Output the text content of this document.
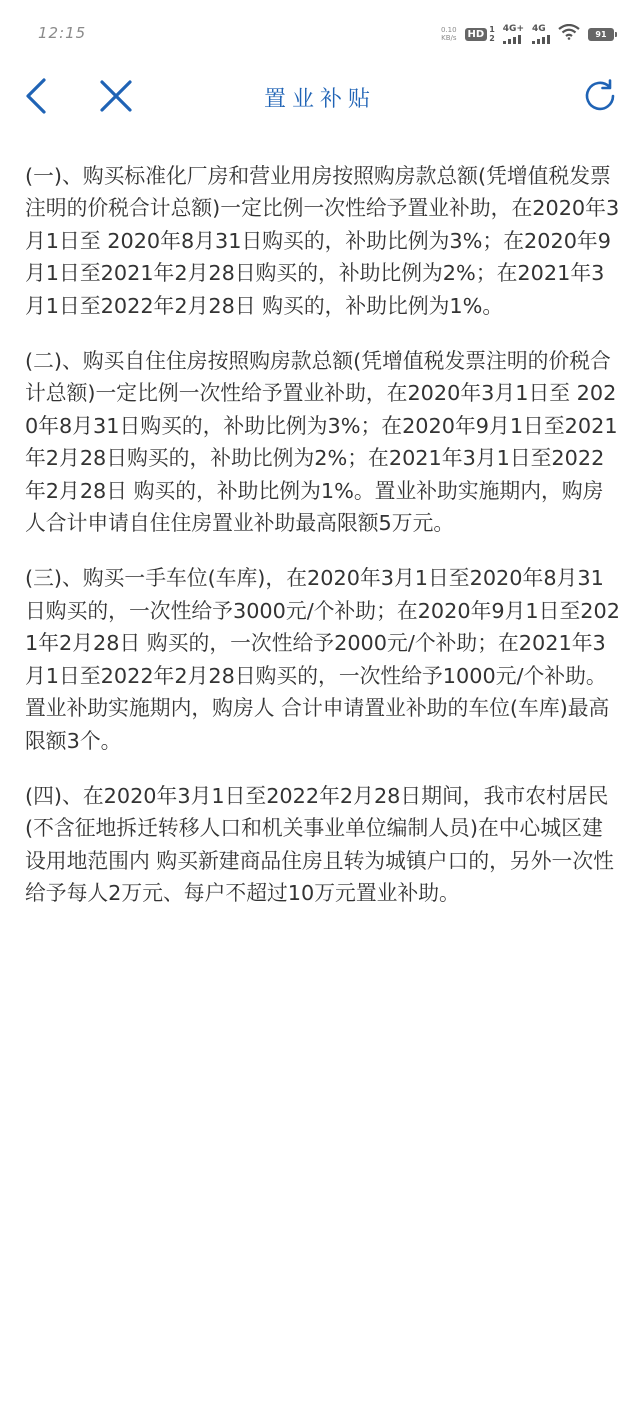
12:15	0.10
KB/s	HD 1
2
4G+ 4G
91
置业补贴

(一)、购买标准化厂房和营业用房按照购房款总额(凭增值税发票注明的价税合计总额)一定比例一次性给予置业补助，在2020年3月1日至 2020年8月31日购买的，补助比例为3%；在2020年9月1日至2021年2月28日购买的，补助比例为2%；在2021年3月1日至2022年2月28日 购买的，补助比例为1%。

(二)、购买自住住房按照购房款总额(凭增值税发票注明的价税合计总额)一定比例一次性给予置业补助，在2020年3月1日至 2020年8月31日购买的，补助比例为3%；在2020年9月1日至2021年2月28日购买的，补助比例为2%；在2021年3月1日至2022年2月28日 购买的，补助比例为1%。置业补助实施期内，购房人合计申请自住住房置业补助最高限额5万元。

(三)、购买一手车位(车库)，在2020年3月1日至2020年8月31日购买的，一次性给予3000元/个补助；在2020年9月1日至2021年2月28日 购买的，一次性给予2000元/个补助；在2021年3月1日至2022年2月28日购买的，一次性给予1000元/个补助。置业补助实施期内，购房人 合计申请置业补助的车位(车库)最高限额3个。

(四)、在2020年3月1日至2022年2月28日期间，我市农村居民(不含征地拆迁转移人口和机关事业单位编制人员)在中心城区建设用地范围内 购买新建商品住房且转为城镇户口的，另外一次性给予每人2万元、每户不超过10万元置业补助。
